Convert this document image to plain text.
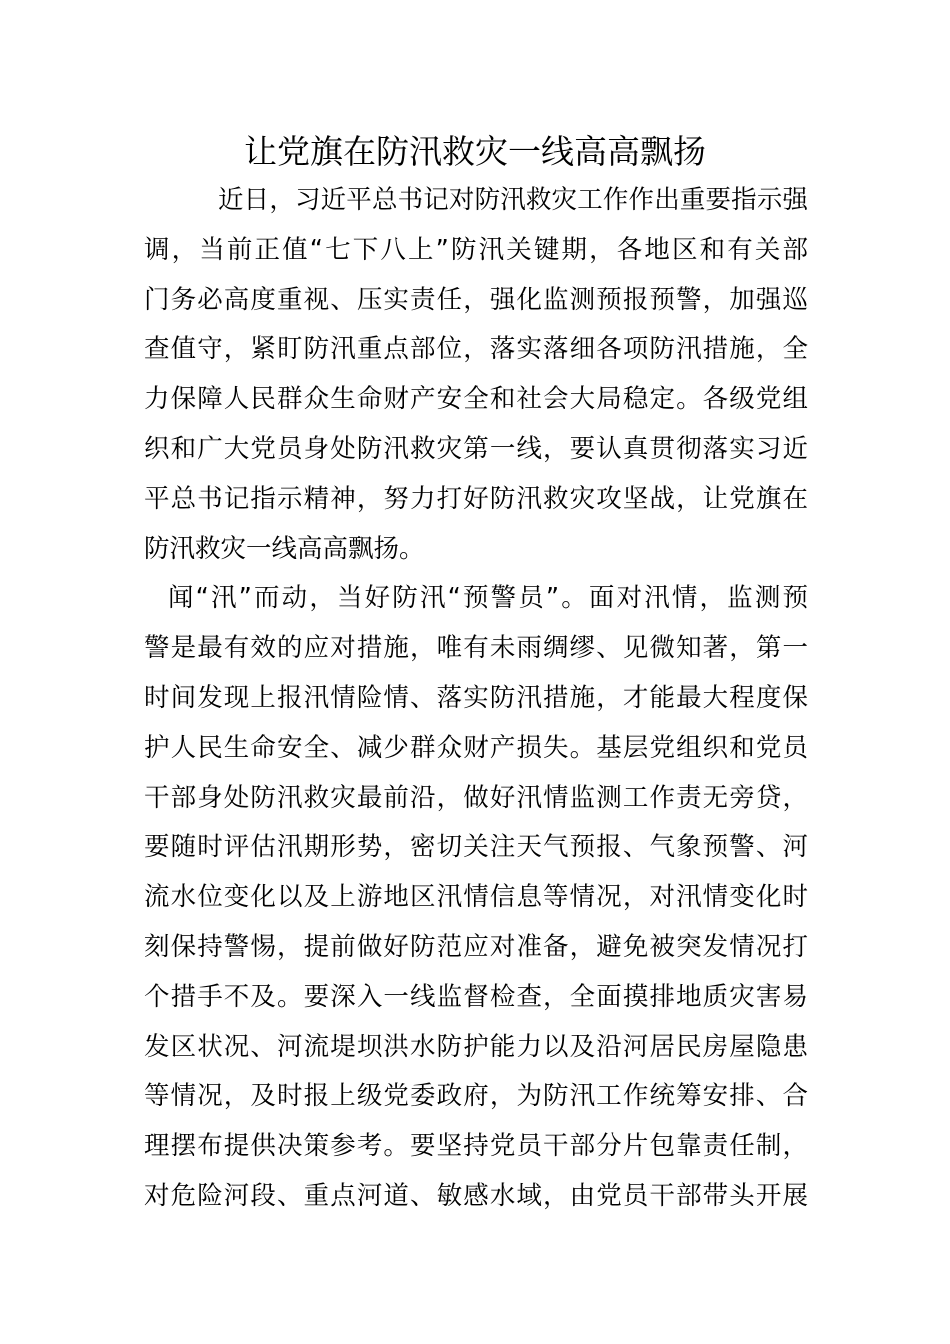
让党旗在防汛救灾一线高高飘扬
近日，习近平总书记对防汛救灾工作作出重要指示强
调，当前正值“七下八上”防汛关键期，各地区和有关部
门务必高度重视、压实责任，强化监测预报预警，加强巡
查值守，紧盯防汛重点部位，落实落细各项防汛措施，全
力保障人民群众生命财产安全和社会大局稳定。各级党组
织和广大党员身处防汛救灾第一线，要认真贯彻落实习近
平总书记指示精神，努力打好防汛救灾攻坚战，让党旗在
防汛救灾一线高高飘扬。
闻“汛”而动，当好防汛“预警员”。面对汛情，监测预
警是最有效的应对措施，唯有未雨绸缪、见微知著，第一
时间发现上报汛情险情、落实防汛措施，才能最大程度保
护人民生命安全、减少群众财产损失。基层党组织和党员
干部身处防汛救灾最前沿，做好汛情监测工作责无旁贷，
要随时评估汛期形势，密切关注天气预报、气象预警、河
流水位变化以及上游地区汛情信息等情况，对汛情变化时
刻保持警惕，提前做好防范应对准备，避免被突发情况打
个措手不及。要深入一线监督检查，全面摸排地质灾害易
发区状况、河流堤坝洪水防护能力以及沿河居民房屋隐患
等情况，及时报上级党委政府，为防汛工作统筹安排、合
理摆布提供决策参考。要坚持党员干部分片包靠责任制，
对危险河段、重点河道、敏感水域，由党员干部带头开展
